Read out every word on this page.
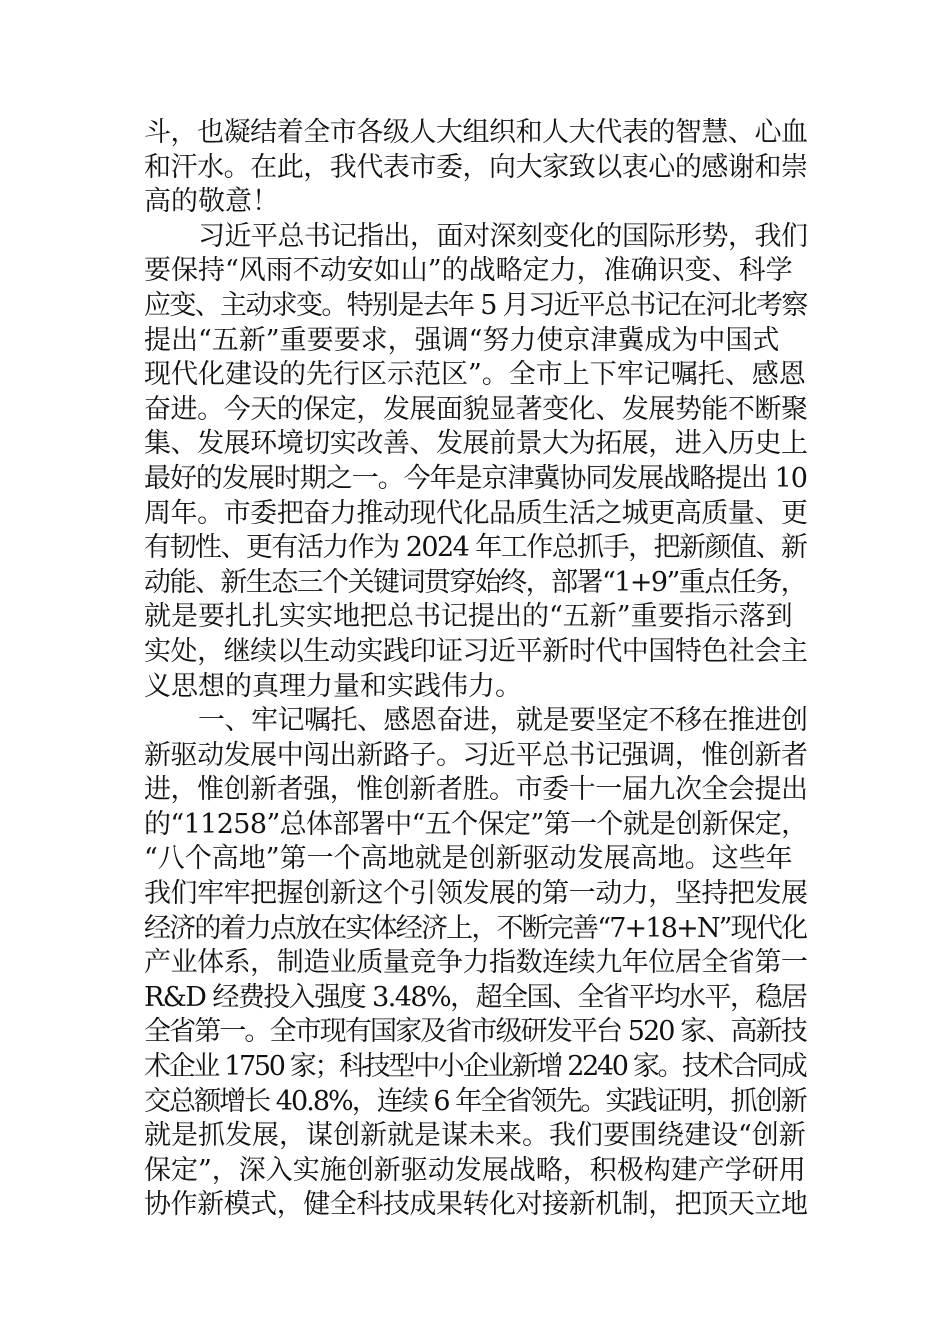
斗，也凝结着全市各级人大组织和人大代表的智慧、心血
和汗水。在此，我代表市委，向大家致以衷心的感谢和崇
高的敬意！
习近平总书记指出，面对深刻变化的国际形势，我们
要保持“风雨不动安如山”的战略定力，准确识变、科学
应变、主动求变。特别是去年 5 月习近平总书记在河北考察
提出“五新”重要要求，强调“努力使京津冀成为中国式
现代化建设的先行区示范区”。全市上下牢记嘱托、感恩
奋进。今天的保定，发展面貌显著变化、发展势能不断聚
集、发展环境切实改善、发展前景大为拓展，进入历史上
最好的发展时期之一。今年是京津冀协同发展战略提出 10
周年。市委把奋力推动现代化品质生活之城更高质量、更
有韧性、更有活力作为 2024 年工作总抓手，把新颜值、新
动能、新生态三个关键词贯穿始终，部署“1+9”重点任务，
就是要扎扎实实地把总书记提出的“五新”重要指示落到
实处，继续以生动实践印证习近平新时代中国特色社会主
义思想的真理力量和实践伟力。
一、牢记嘱托、感恩奋进，就是要坚定不移在推进创
新驱动发展中闯出新路子。习近平总书记强调，惟创新者
进，惟创新者强，惟创新者胜。市委十一届九次全会提出
的“11258”总体部署中“五个保定”第一个就是创新保定，
“八个高地”第一个高地就是创新驱动发展高地。这些年
我们牢牢把握创新这个引领发展的第一动力，坚持把发展
经济的着力点放在实体经济上，不断完善“7+18+N”现代化
产业体系，制造业质量竞争力指数连续九年位居全省第一
R&D 经费投入强度 3.48%，超全国、全省平均水平，稳居
全省第一。全市现有国家及省市级研发平台 520 家、高新技
术企业 1750 家；科技型中小企业新增 2240 家。技术合同成
交总额增长 40.8%，连续 6 年全省领先。实践证明，抓创新
就是抓发展，谋创新就是谋未来。我们要围绕建设“创新
保定”，深入实施创新驱动发展战略，积极构建产学研用
协作新模式，健全科技成果转化对接新机制，把顶天立地
